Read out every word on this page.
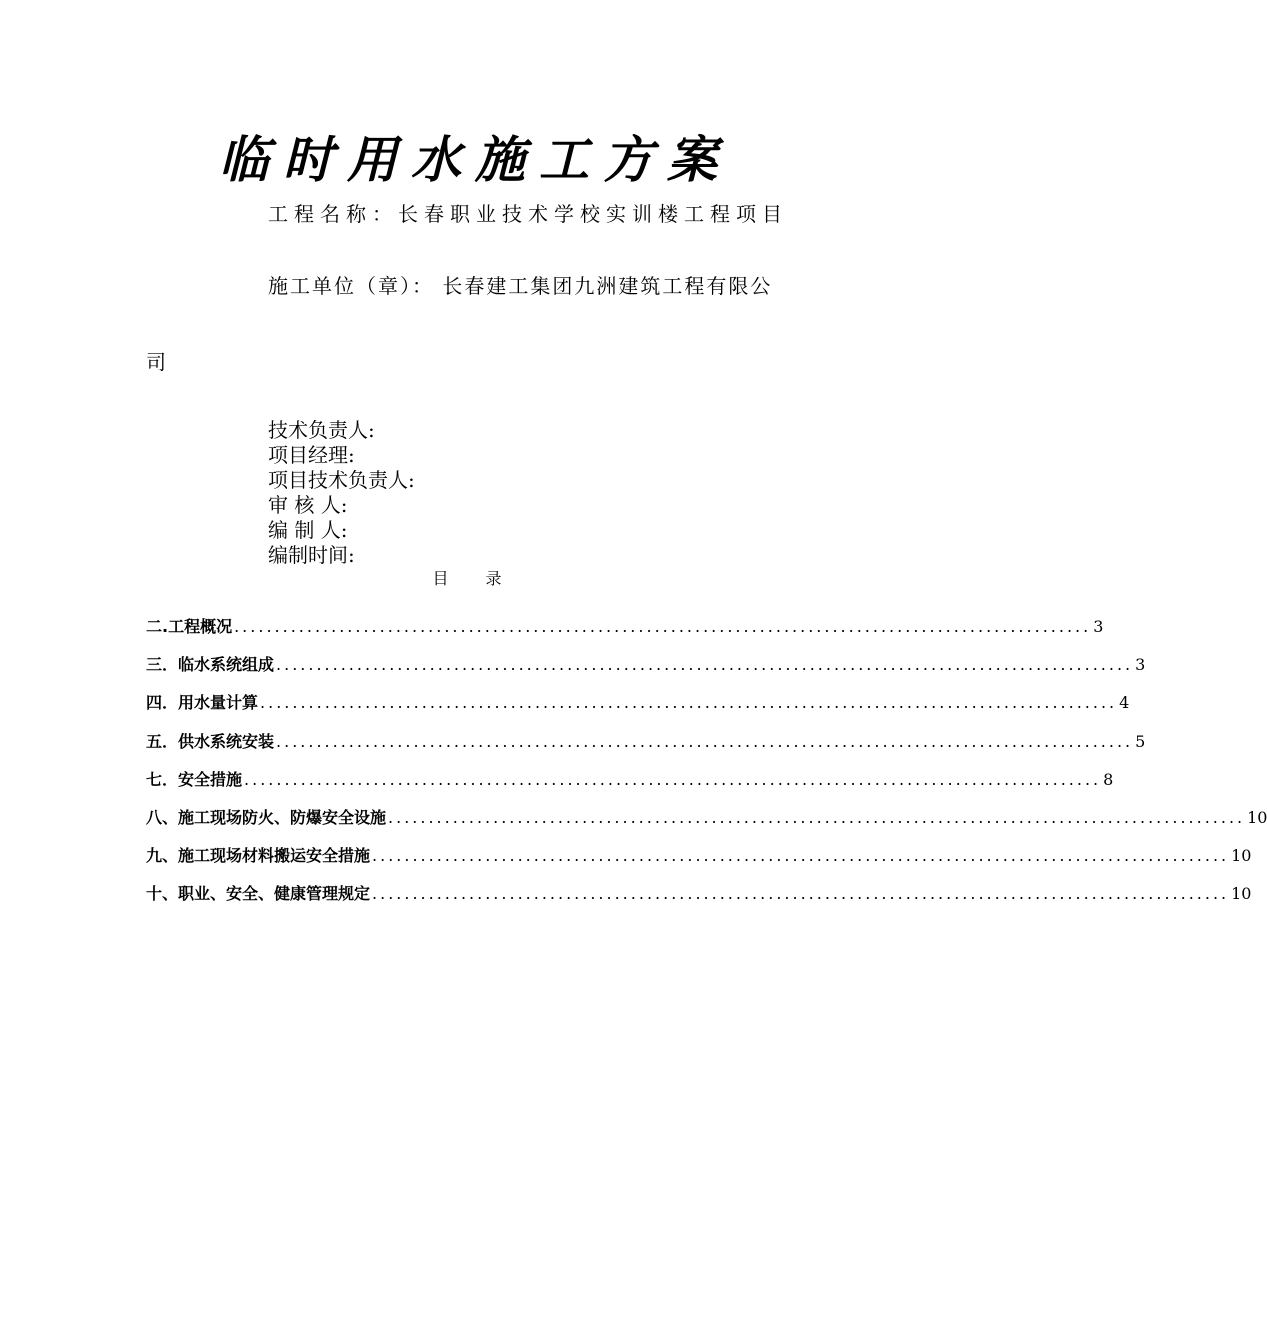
临时用水施工方案
工程名称：长春职业技术学校实训楼工程项目
施工单位（章）： 长春建工集团九洲建筑工程有限公
司
技术负责人:
项目经理:
项目技术负责人:
审 核 人:
编 制 人:
编制时间:
目 录
二.工程概况 .......................................................................................................... 3
三．临水系统组成 .......................................................................................................... 3
四．用水量计算 .......................................................................................................... 4
五．供水系统安装 .......................................................................................................... 5
七．安全措施 .......................................................................................................... 8
八、施工现场防火、防爆安全设施 .......................................................................................................... 10
九、施工现场材料搬运安全措施 .......................................................................................................... 10
十、职业、安全、健康管理规定 .......................................................................................................... 10
